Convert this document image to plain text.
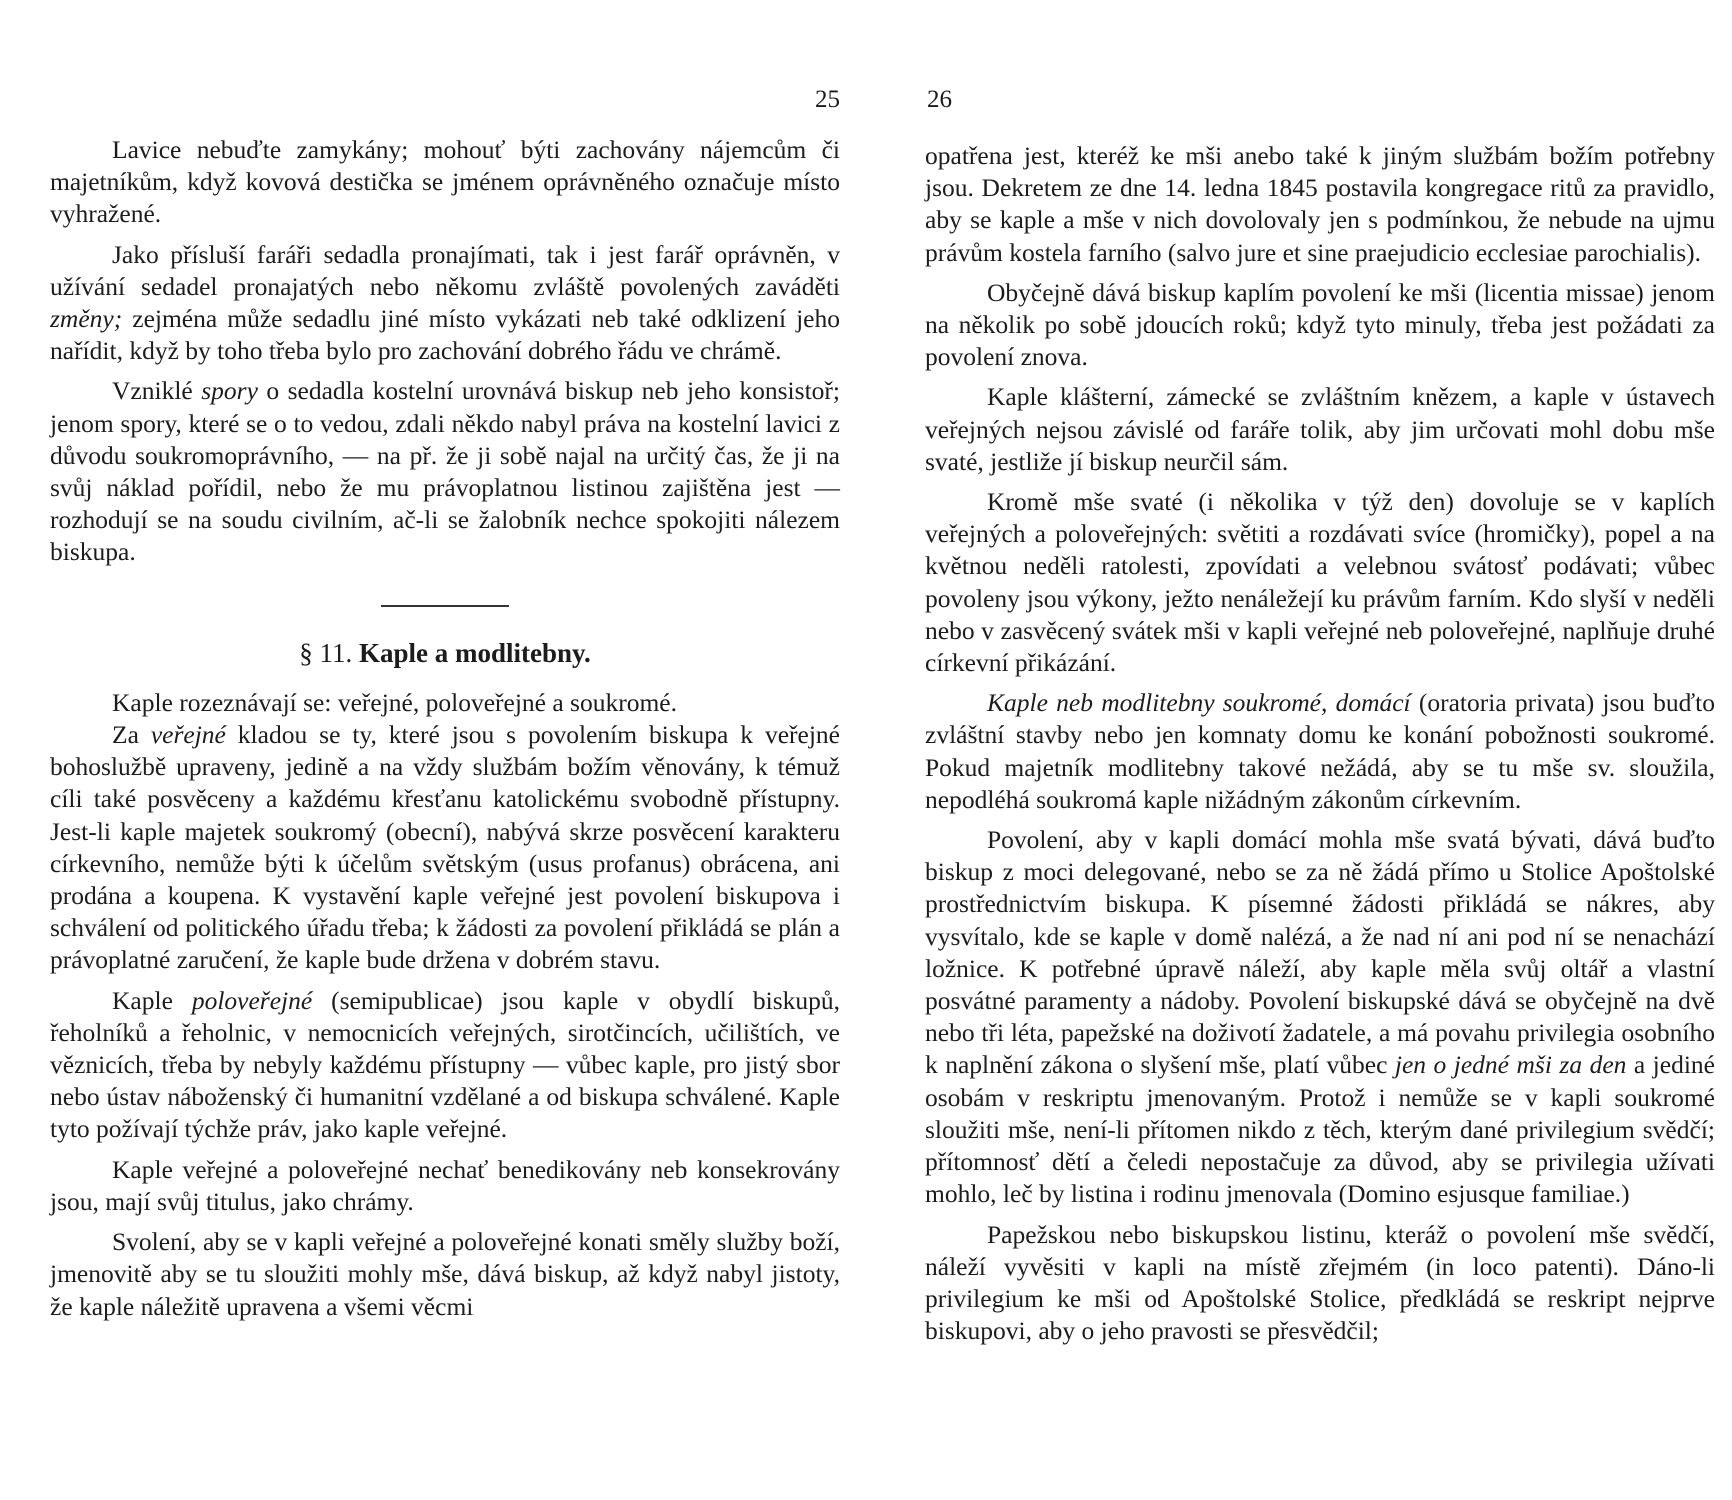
25

Lavice nebuďte zamykány; mohouť býti zachovány nájemcům či majetníkům, když kovová destička se jménem oprávněného označuje místo vyhražené.

Jako přísluší faráři sedadla pronajímati, tak i jest farář oprávněn, v užívání sedadel pronajatých nebo někomu zvláště povolených zaváděti změny; zejména může sedadlu jiné místo vykázati neb také odklizení jeho nařídit, když by toho třeba bylo pro zachování dobrého řádu ve chrámě.

Vzniklé spory o sedadla kostelní urovnává biskup neb jeho konsistoř; jenom spory, které se o to vedou, zdali někdo nabyl práva na kostelní lavici z důvodu soukromoprávního, — na př. že ji sobě najal na určitý čas, že ji na svůj náklad pořídil, nebo že mu právoplatnou listinou zajištěna jest — rozhodují se na soudu civilním, ač-li se žalobník nechce spokojiti nálezem biskupa.

§ 11. Kaple a modlitebny.

Kaple rozeznávají se: veřejné, poloveřejné a soukromé.

Za veřejné kladou se ty, které jsou s povolením biskupa k veřejné bohoslužbě upraveny, jedině a na vždy službám božím věnovány, k témuž cíli také posvěceny a každému křesťanu katolickému svobodně přístupny. Jest-li kaple majetek soukromý (obecní), nabývá skrze posvěcení karakteru církevního, nemůže býti k účelům světským (usus profanus) obrácena, ani prodána a koupena. K vystavění kaple veřejné jest povolení biskupova i schválení od politického úřadu třeba; k žádosti za povolení přikládá se plán a právoplatné zaručení, že kaple bude držena v dobrém stavu.

Kaple poloveřejné (semipublicae) jsou kaple v obydlí biskupů, řeholníků a řeholnic, v nemocnicích veřejných, sirotčincích, učilištích, ve věznicích, třeba by nebyly každému přístupny — vůbec kaple, pro jistý sbor nebo ústav náboženský či humanitní vzdělané a od biskupa schválené. Kaple tyto požívají týchže práv, jako kaple veřejné.

Kaple veřejné a poloveřejné nechať benedikovány neb konsekrovány jsou, mají svůj titulus, jako chrámy.

Svolení, aby se v kapli veřejné a poloveřejné konati směly služby boží, jmenovitě aby se tu sloužiti mohly mše, dává biskup, až když nabyl jistoty, že kaple náležitě upravena a všemi věcmi

26

opatřena jest, kteréž ke mši anebo také k jiným službám božím potřebny jsou. Dekretem ze dne 14. ledna 1845 postavila kongregace ritů za pravidlo, aby se kaple a mše v nich dovolovaly jen s podmínkou, že nebude na ujmu právům kostela farního (salvo jure et sine praejudicio ecclesiae parochialis).

Obyčejně dává biskup kaplím povolení ke mši (licentia missae) jenom na několik po sobě jdoucích roků; když tyto minuly, třeba jest požádati za povolení znova.

Kaple klášterní, zámecké se zvláštním knězem, a kaple v ústavech veřejných nejsou závislé od faráře tolik, aby jim určovati mohl dobu mše svaté, jestliže jí biskup neurčil sám.

Kromě mše svaté (i několika v týž den) dovoluje se v kaplích veřejných a poloveřejných: světiti a rozdávati svíce (hromičky), popel a na květnou neděli ratolesti, zpovídati a velebnou svátosť podávati; vůbec povoleny jsou výkony, ježto nenáležejí ku právům farním. Kdo slyší v neděli nebo v zasvěcený svátek mši v kapli veřejné neb poloveřejné, naplňuje druhé církevní přikázání.

Kaple neb modlitebny soukromé, domácí (oratoria privata) jsou buďto zvláštní stavby nebo jen komnaty domu ke konání pobožnosti soukromé. Pokud majetník modlitebny takové nežádá, aby se tu mše sv. sloužila, nepodléhá soukromá kaple nižádným zákonům církevním.

Povolení, aby v kapli domácí mohla mše svatá bývati, dává buďto biskup z moci delegované, nebo se za ně žádá přímo u Stolice Apoštolské prostřednictvím biskupa. K písemné žádosti přikládá se nákres, aby vysvítalo, kde se kaple v domě nalézá, a že nad ní ani pod ní se nenachází ložnice. K potřebné úpravě náleží, aby kaple měla svůj oltář a vlastní posvátné paramenty a nádoby. Povolení biskupské dává se obyčejně na dvě nebo tři léta, papežské na doživotí žadatele, a má povahu privilegia osobního k naplnění zákona o slyšení mše, platí vůbec jen o jedné mši za den a jediné osobám v reskriptu jmenovaným. Protož i nemůže se v kapli soukromé sloužiti mše, není-li přítomen nikdo z těch, kterým dané privilegium svědčí; přítomnosť dětí a čeledi nepostačuje za důvod, aby se privilegia užívati mohlo, leč by listina i rodinu jmenovala (Domino esjusque familiae.)

Papežskou nebo biskupskou listinu, kteráž o povolení mše svědčí, náleží vyvěsiti v kapli na místě zřejmém (in loco patenti). Dáno-li privilegium ke mši od Apoštolské Stolice, předkládá se reskript nejprve biskupovi, aby o jeho pravosti se přesvědčil;
